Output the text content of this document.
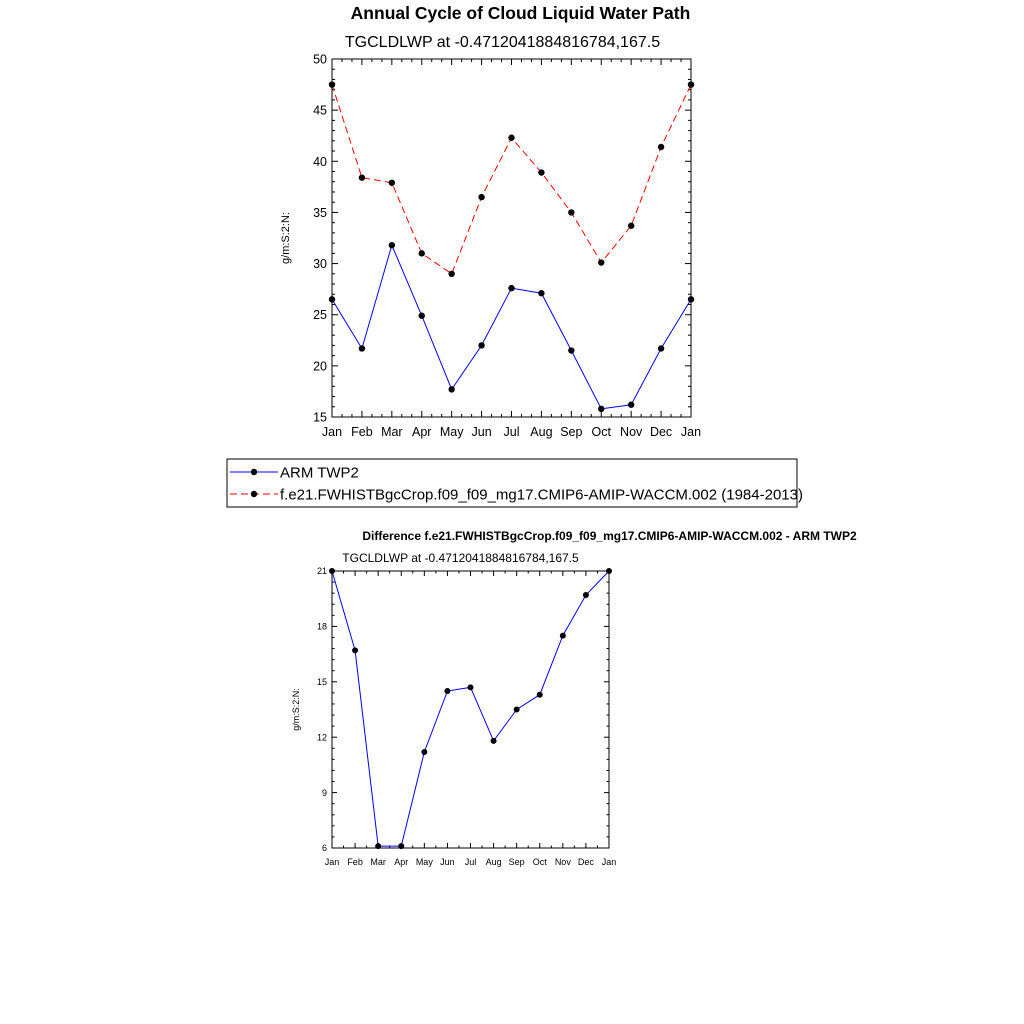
Annual Cycle of Cloud Liquid Water Path
TGCLDLWP at -0.4712041884816784,167.5
g/m:S:2:N:
15
20
25
30
35
40
45
50
Jan Feb Mar Apr May Jun Jul Aug Sep Oct Nov Dec Jan
ARM TWP2
f.e21.FWHISTBgcCrop.f09_f09_mg17.CMIP6-AMIP-WACCM.002 (1984-2013)
Difference f.e21.FWHISTBgcCrop.f09_f09_mg17.CMIP6-AMIP-WACCM.002 - ARM TWP2
TGCLDLWP at -0.4712041884816784,167.5
g/m:S:2:N:
6
9
12
15
18
21
Jan Feb Mar Apr May Jun Jul Aug Sep Oct Nov Dec Jan
